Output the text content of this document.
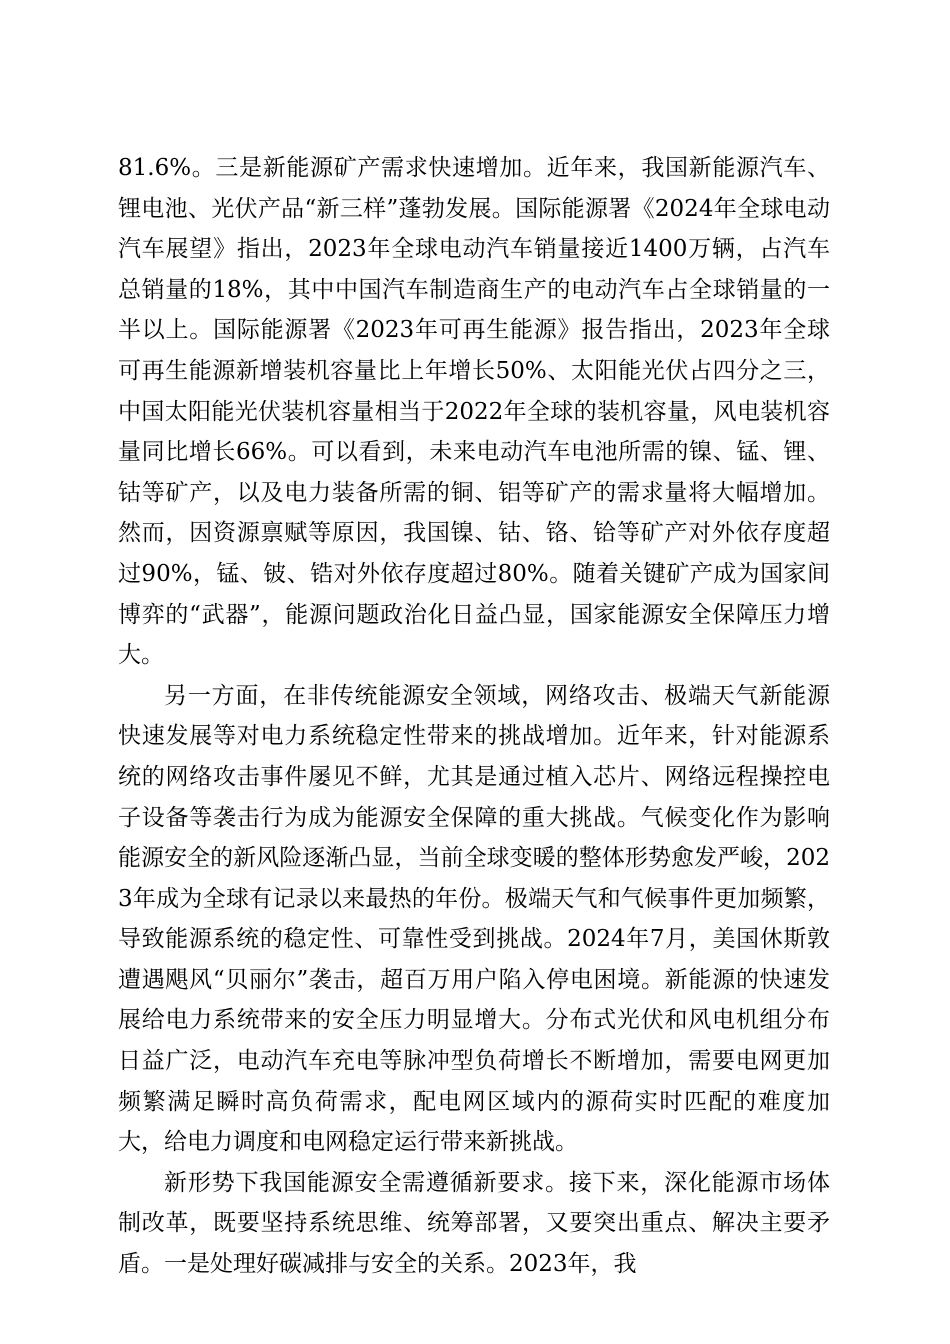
81.6%。三是新能源矿产需求快速增加。近年来，我国新能源汽车、锂电池、光伏产品“新三样”蓬勃发展。国际能源署《2024年全球电动汽车展望》指出，2023年全球电动汽车销量接近1400万辆，占汽车总销量的18%，其中中国汽车制造商生产的电动汽车占全球销量的一半以上。国际能源署《2023年可再生能源》报告指出，2023年全球可再生能源新增装机容量比上年增长50%、太阳能光伏占四分之三，中国太阳能光伏装机容量相当于2022年全球的装机容量，风电装机容量同比增长66%。可以看到，未来电动汽车电池所需的镍、锰、锂、钴等矿产，以及电力装备所需的铜、铝等矿产的需求量将大幅增加。然而，因资源禀赋等原因，我国镍、钴、铬、铪等矿产对外依存度超过90%，锰、铍、锆对外依存度超过80%。随着关键矿产成为国家间博弈的“武器”，能源问题政治化日益凸显，国家能源安全保障压力增大。

另一方面，在非传统能源安全领域，网络攻击、极端天气新能源快速发展等对电力系统稳定性带来的挑战增加。近年来，针对能源系统的网络攻击事件屡见不鲜，尤其是通过植入芯片、网络远程操控电子设备等袭击行为成为能源安全保障的重大挑战。气候变化作为影响能源安全的新风险逐渐凸显，当前全球变暖的整体形势愈发严峻，2023年成为全球有记录以来最热的年份。极端天气和气候事件更加频繁，导致能源系统的稳定性、可靠性受到挑战。2024年7月，美国休斯敦遭遇飓风“贝丽尔”袭击，超百万用户陷入停电困境。新能源的快速发展给电力系统带来的安全压力明显增大。分布式光伏和风电机组分布日益广泛，电动汽车充电等脉冲型负荷增长不断增加，需要电网更加频繁满足瞬时高负荷需求，配电网区域内的源荷实时匹配的难度加大，给电力调度和电网稳定运行带来新挑战。

新形势下我国能源安全需遵循新要求。接下来，深化能源市场体制改革，既要坚持系统思维、统筹部署，又要突出重点、解决主要矛盾。一是处理好碳减排与安全的关系。2023年，我
